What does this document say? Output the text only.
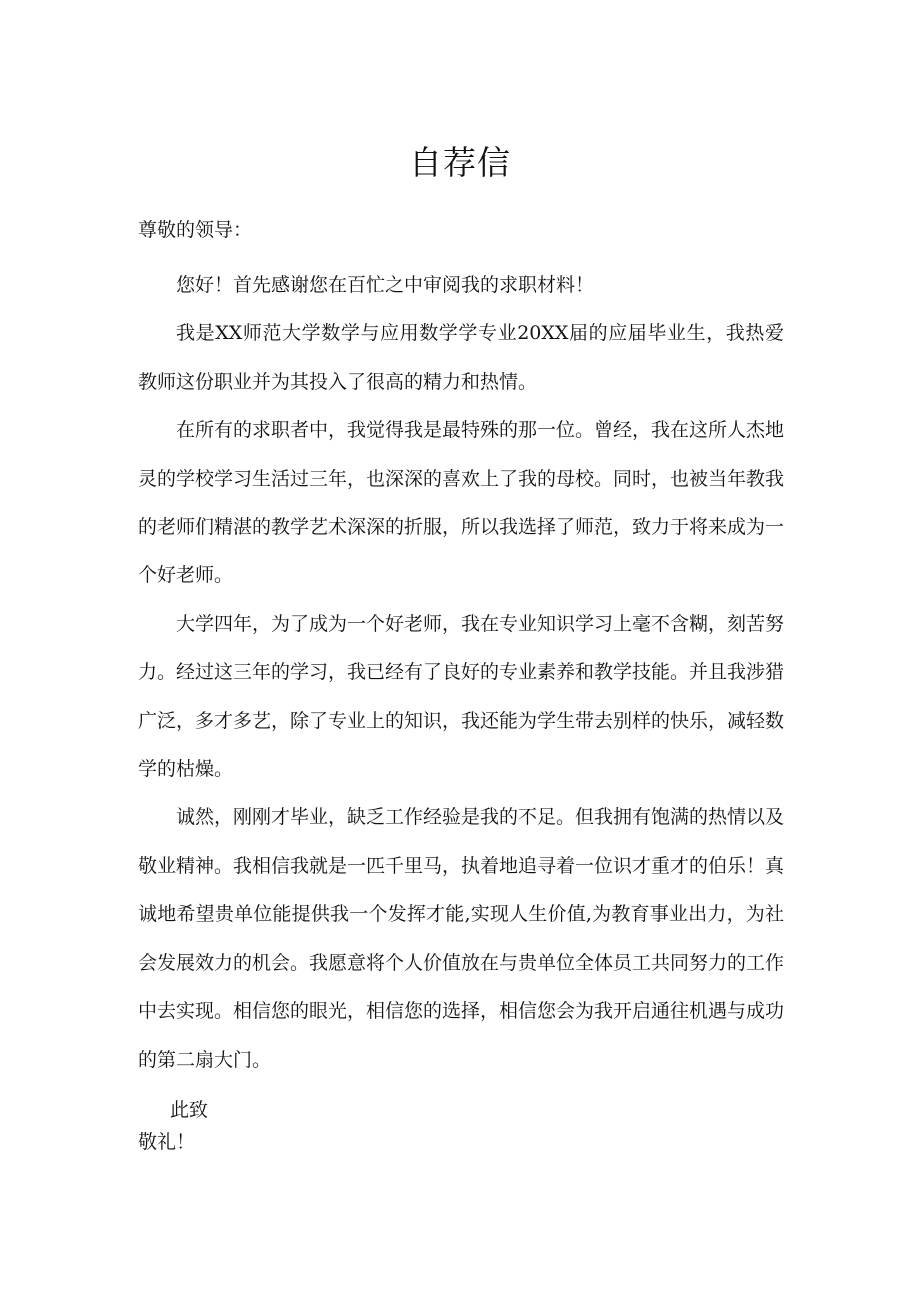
自荐信
尊敬的领导：

您好！首先感谢您在百忙之中审阅我的求职材料！

我是XX师范大学数学与应用数学学专业20XX届的应届毕业生，我热爱教师这份职业并为其投入了很高的精力和热情。

在所有的求职者中，我觉得我是最特殊的那一位。曾经，我在这所人杰地灵的学校学习生活过三年，也深深的喜欢上了我的母校。同时，也被当年教我的老师们精湛的教学艺术深深的折服，所以我选择了师范，致力于将来成为一个好老师。

大学四年，为了成为一个好老师，我在专业知识学习上毫不含糊，刻苦努力。经过这三年的学习，我已经有了良好的专业素养和教学技能。并且我涉猎广泛，多才多艺，除了专业上的知识，我还能为学生带去别样的快乐，减轻数学的枯燥。

诚然，刚刚才毕业，缺乏工作经验是我的不足。但我拥有饱满的热情以及敬业精神。我相信我就是一匹千里马，执着地追寻着一位识才重才的伯乐！真诚地希望贵单位能提供我一个发挥才能,实现人生价值,为教育事业出力，为社会发展效力的机会。我愿意将个人价值放在与贵单位全体员工共同努力的工作中去实现。相信您的眼光，相信您的选择，相信您会为我开启通往机遇与成功的第二扇大门。

此致
敬礼！
